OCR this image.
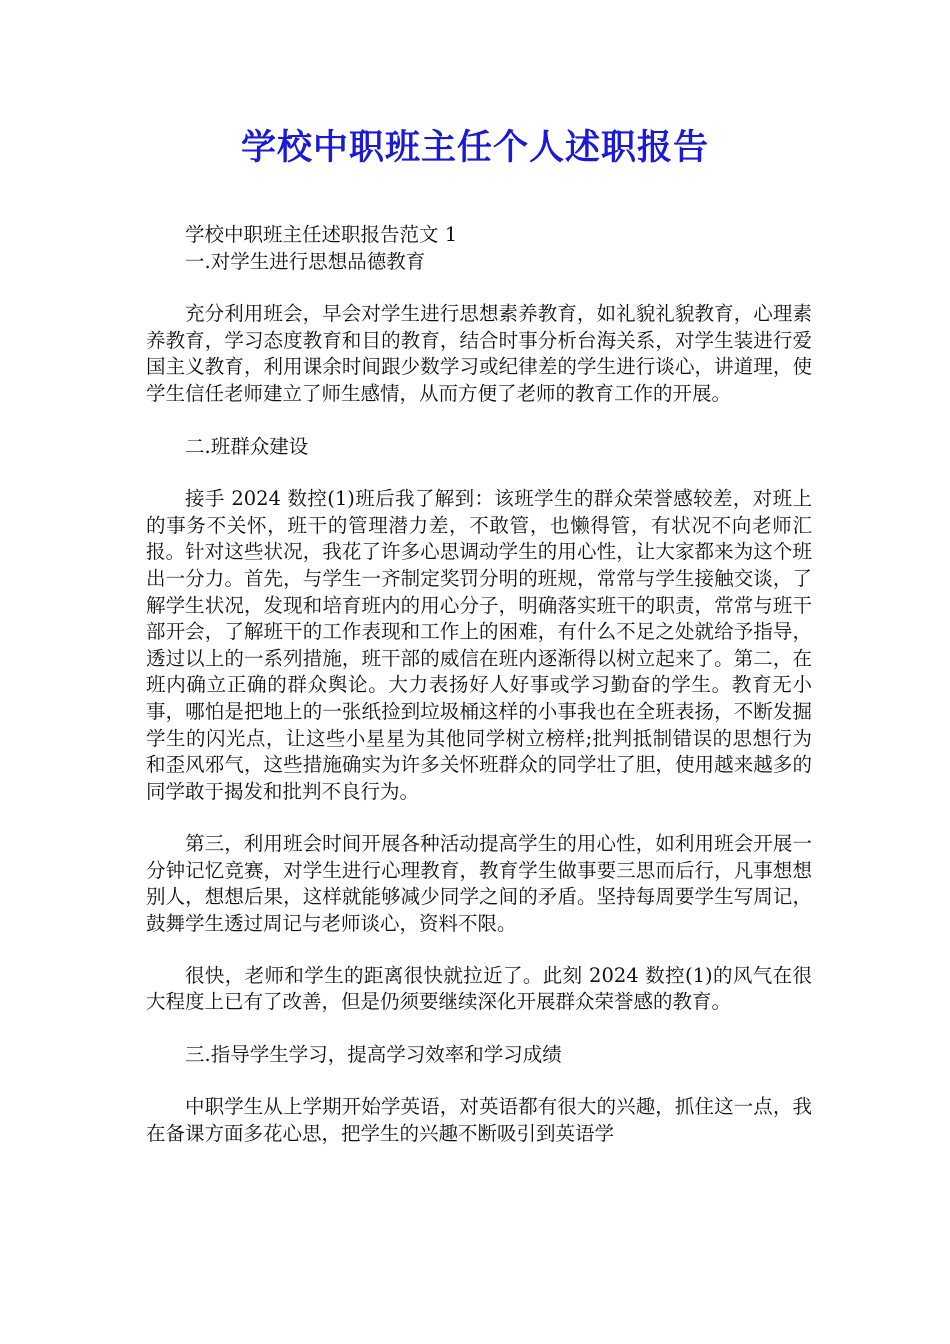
学校中职班主任个人述职报告

学校中职班主任述职报告范文 1

一.对学生进行思想品德教育

充分利用班会，早会对学生进行思想素养教育，如礼貌礼貌教育，心理素养教育，学习态度教育和目的教育，结合时事分析台海关系，对学生装进行爱国主义教育，利用课余时间跟少数学习或纪律差的学生进行谈心，讲道理，使学生信任老师建立了师生感情，从而方便了老师的教育工作的开展。

二.班群众建设

接手 2024 数控(1)班后我了解到：该班学生的群众荣誉感较差，对班上的事务不关怀，班干的管理潜力差，不敢管，也懒得管，有状况不向老师汇报。针对这些状况，我花了许多心思调动学生的用心性，让大家都来为这个班出一分力。首先，与学生一齐制定奖罚分明的班规，常常与学生接触交谈，了解学生状况，发现和培育班内的用心分子，明确落实班干的职责，常常与班干部开会，了解班干的工作表现和工作上的困难，有什么不足之处就给予指导，透过以上的一系列措施，班干部的威信在班内逐渐得以树立起来了。第二，在班内确立正确的群众舆论。大力表扬好人好事或学习勤奋的学生。教育无小事，哪怕是把地上的一张纸捡到垃圾桶这样的小事我也在全班表扬，不断发掘学生的闪光点，让这些小星星为其他同学树立榜样;批判抵制错误的思想行为和歪风邪气，这些措施确实为许多关怀班群众的同学壮了胆，使用越来越多的同学敢于揭发和批判不良行为。

第三，利用班会时间开展各种活动提高学生的用心性，如利用班会开展一分钟记忆竞赛，对学生进行心理教育，教育学生做事要三思而后行，凡事想想别人，想想后果，这样就能够减少同学之间的矛盾。坚持每周要学生写周记，鼓舞学生透过周记与老师谈心，资料不限。

很快，老师和学生的距离很快就拉近了。此刻 2024 数控(1)的风气在很大程度上已有了改善，但是仍须要继续深化开展群众荣誉感的教育。

三.指导学生学习，提高学习效率和学习成绩

中职学生从上学期开始学英语，对英语都有很大的兴趣，抓住这一点，我在备课方面多花心思，把学生的兴趣不断吸引到英语学
